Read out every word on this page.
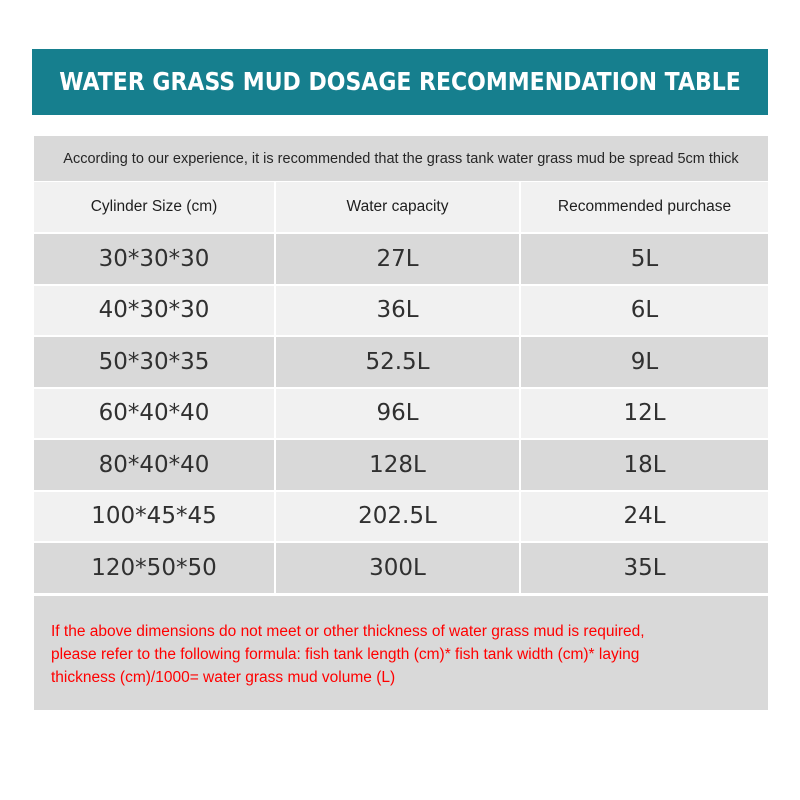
WATER GRASS MUD DOSAGE RECOMMENDATION TABLE
According to our experience, it is recommended that the grass tank water grass mud be spread 5cm thick
Cylinder Size (cm)	Water capacity	Recommended purchase
30*30*30	27L	5L
40*30*30	36L	6L
50*30*35	52.5L	9L
60*40*40	96L	12L
80*40*40	128L	18L
100*45*45	202.5L	24L
120*50*50	300L	35L
If the above dimensions do not meet or other thickness of water grass mud is required,
please refer to the following formula: fish tank length (cm)* fish tank width (cm)* laying
thickness (cm)/1000= water grass mud volume (L)
